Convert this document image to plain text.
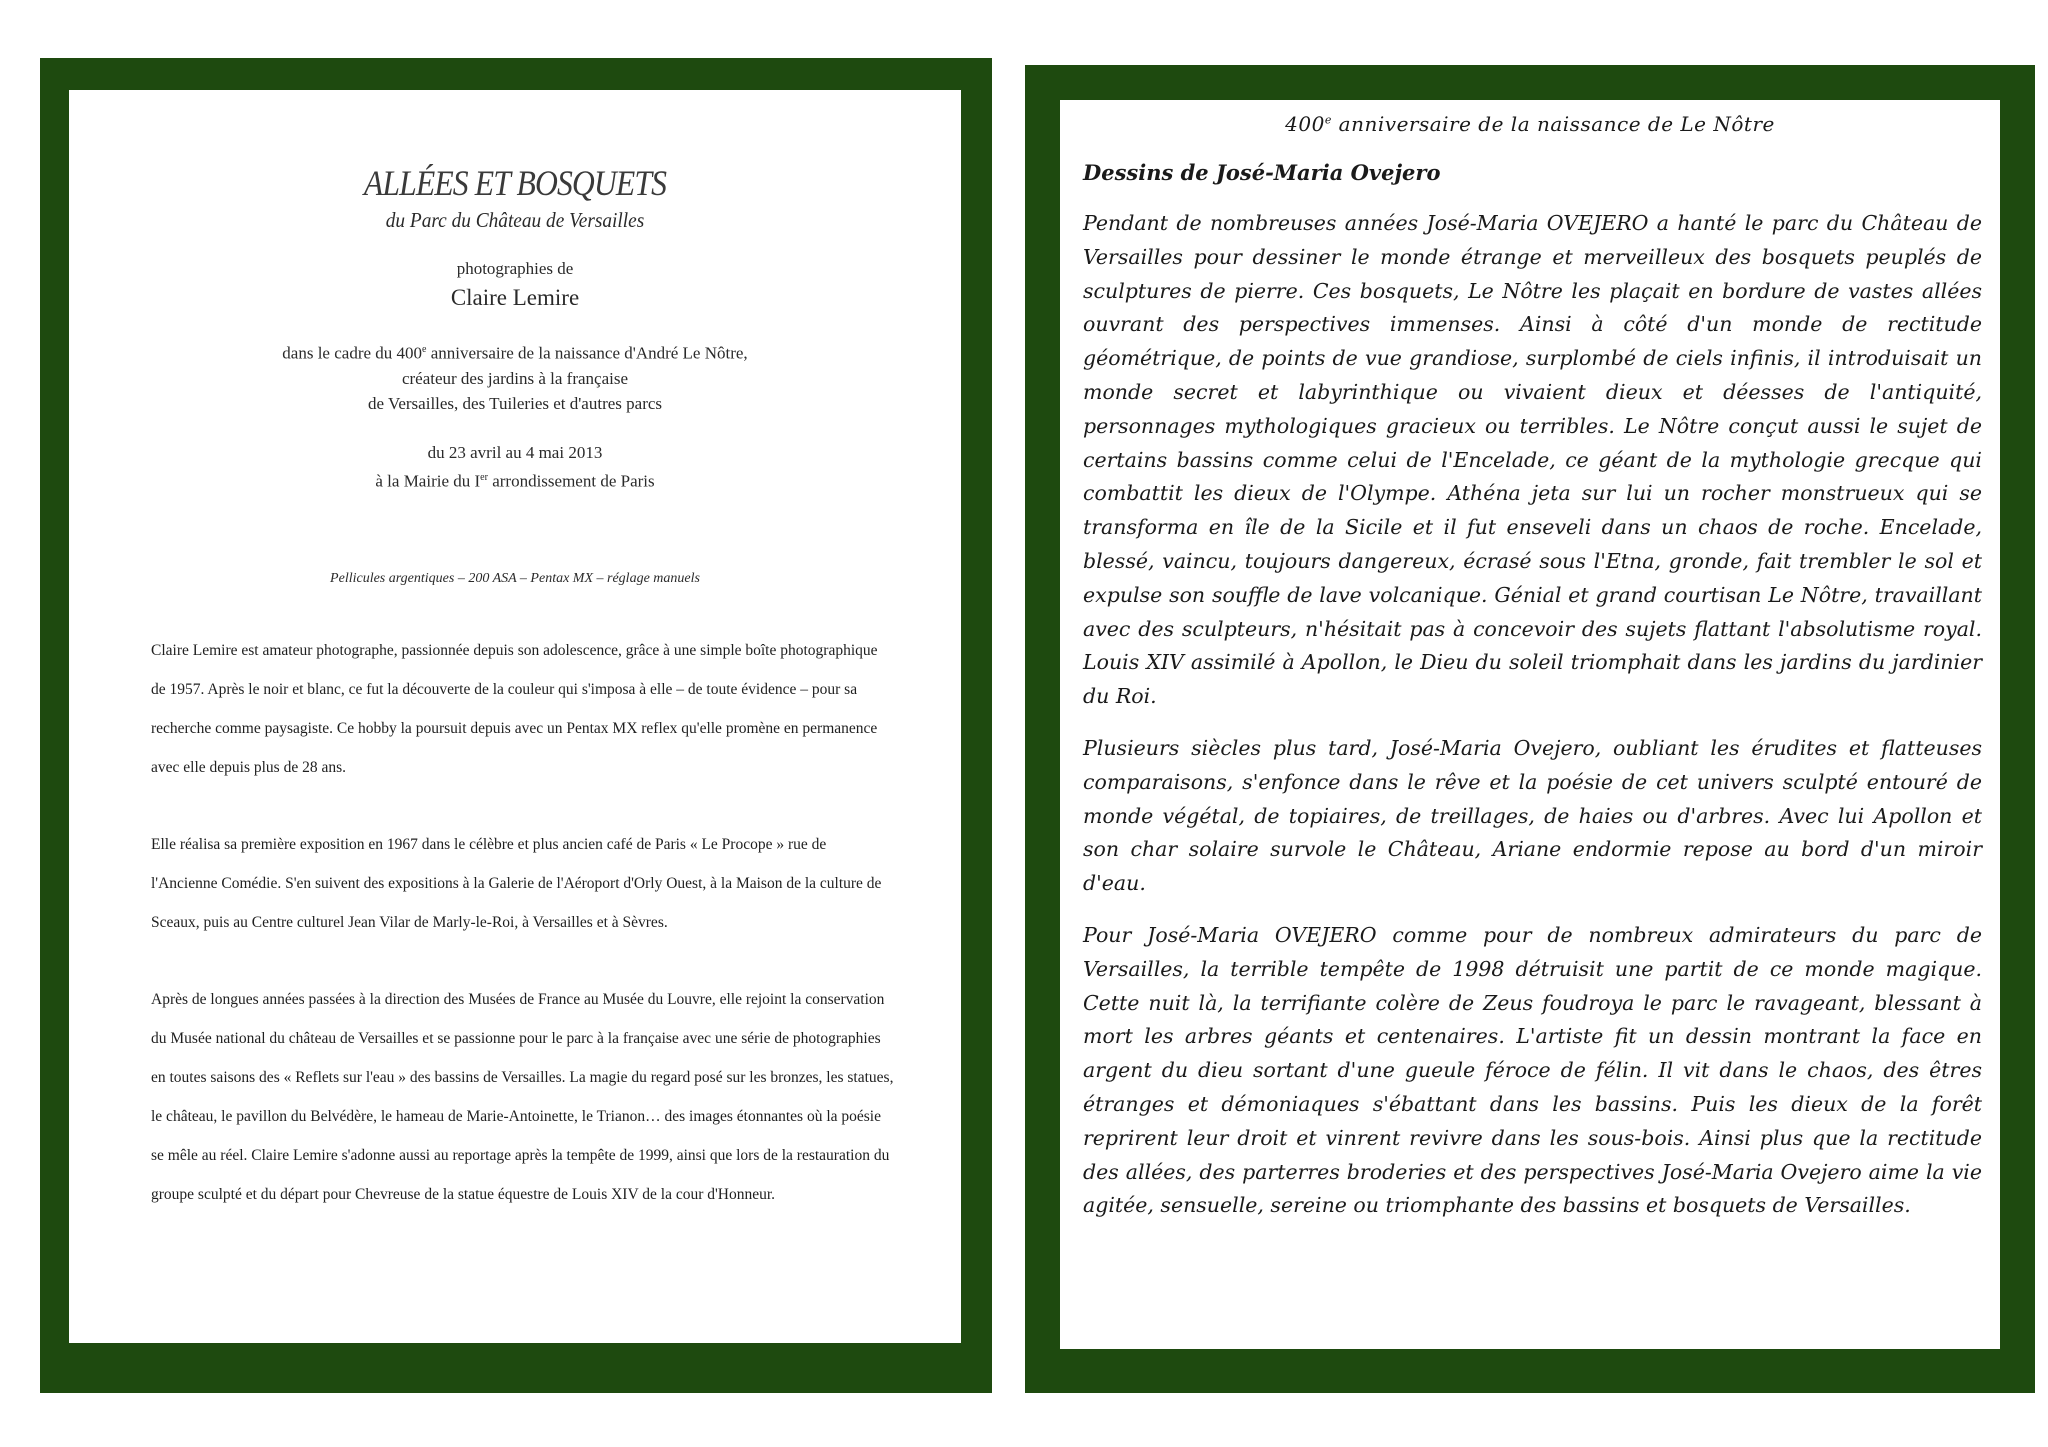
ALLÉES ET BOSQUETS
du Parc du Château de Versailles
photographies de
Claire Lemire
dans le cadre du 400e anniversaire de la naissance d'André Le Nôtre,
créateur des jardins à la française
de Versailles, des Tuileries et d'autres parcs
du 23 avril au 4 mai 2013
à la Mairie du Ier arrondissement de Paris
Pellicules argentiques – 200 ASA – Pentax MX – réglage manuels

Claire Lemire est amateur photographe, passionnée depuis son adolescence, grâce à une simple boîte photographique de 1957. Après le noir et blanc, ce fut la découverte de la couleur qui s'imposa à elle – de toute évidence – pour sa recherche comme paysagiste. Ce hobby la poursuit depuis avec un Pentax MX reflex qu'elle promène en permanence avec elle depuis plus de 28 ans.

Elle réalisa sa première exposition en 1967 dans le célèbre et plus ancien café de Paris « Le Procope » rue de l'Ancienne Comédie. S'en suivent des expositions à la Galerie de l'Aéroport d'Orly Ouest, à la Maison de la culture de Sceaux, puis au Centre culturel Jean Vilar de Marly-le-Roi, à Versailles et à Sèvres.

Après de longues années passées à la direction des Musées de France au Musée du Louvre, elle rejoint la conservation du Musée national du château de Versailles et se passionne pour le parc à la française avec une série de photographies en toutes saisons des « Reflets sur l'eau » des bassins de Versailles. La magie du regard posé sur les bronzes, les statues, le château, le pavillon du Belvédère, le hameau de Marie-Antoinette, le Trianon… des images étonnantes où la poésie se mêle au réel. Claire Lemire s'adonne aussi au reportage après la tempête de 1999, ainsi que lors de la restauration du groupe sculpté et du départ pour Chevreuse de la statue équestre de Louis XIV de la cour d'Honneur.

400e anniversaire de la naissance de Le Nôtre
Dessins de José-Maria Ovejero

Pendant de nombreuses années José-Maria OVEJERO a hanté le parc du Château de Versailles pour dessiner le monde étrange et merveilleux des bosquets peuplés de sculptures de pierre. Ces bosquets, Le Nôtre les plaçait en bordure de vastes allées ouvrant des perspectives immenses. Ainsi à côté d'un monde de rectitude géométrique, de points de vue grandiose, surplombé de ciels infinis, il introduisait un monde secret et labyrinthique ou vivaient dieux et déesses de l'antiquité, personnages mythologiques gracieux ou terribles. Le Nôtre conçut aussi le sujet de certains bassins comme celui de l'Encelade, ce géant de la mythologie grecque qui combattit les dieux de l'Olympe. Athéna jeta sur lui un rocher monstrueux qui se transforma en île de la Sicile et il fut enseveli dans un chaos de roche. Encelade, blessé, vaincu, toujours dangereux, écrasé sous l'Etna, gronde, fait trembler le sol et expulse son souffle de lave volcanique. Génial et grand courtisan Le Nôtre, travaillant avec des sculpteurs, n'hésitait pas à concevoir des sujets flattant l'absolutisme royal. Louis XIV assimilé à Apollon, le Dieu du soleil triomphait dans les jardins du jardinier du Roi.

Plusieurs siècles plus tard, José-Maria Ovejero, oubliant les érudites et flatteuses comparaisons, s'enfonce dans le rêve et la poésie de cet univers sculpté entouré de monde végétal, de topiaires, de treillages, de haies ou d'arbres. Avec lui Apollon et son char solaire survole le Château, Ariane endormie repose au bord d'un miroir d'eau.

Pour José-Maria OVEJERO comme pour de nombreux admirateurs du parc de Versailles, la terrible tempête de 1998 détruisit une partit de ce monde magique. Cette nuit là, la terrifiante colère de Zeus foudroya le parc le ravageant, blessant à mort les arbres géants et centenaires. L'artiste fit un dessin montrant la face en argent du dieu sortant d'une gueule féroce de félin. Il vit dans le chaos, des êtres étranges et démoniaques s'ébattant dans les bassins. Puis les dieux de la forêt reprirent leur droit et vinrent revivre dans les sous-bois. Ainsi plus que la rectitude des allées, des parterres broderies et des perspectives José-Maria Ovejero aime la vie agitée, sensuelle, sereine ou triomphante des bassins et bosquets de Versailles.
